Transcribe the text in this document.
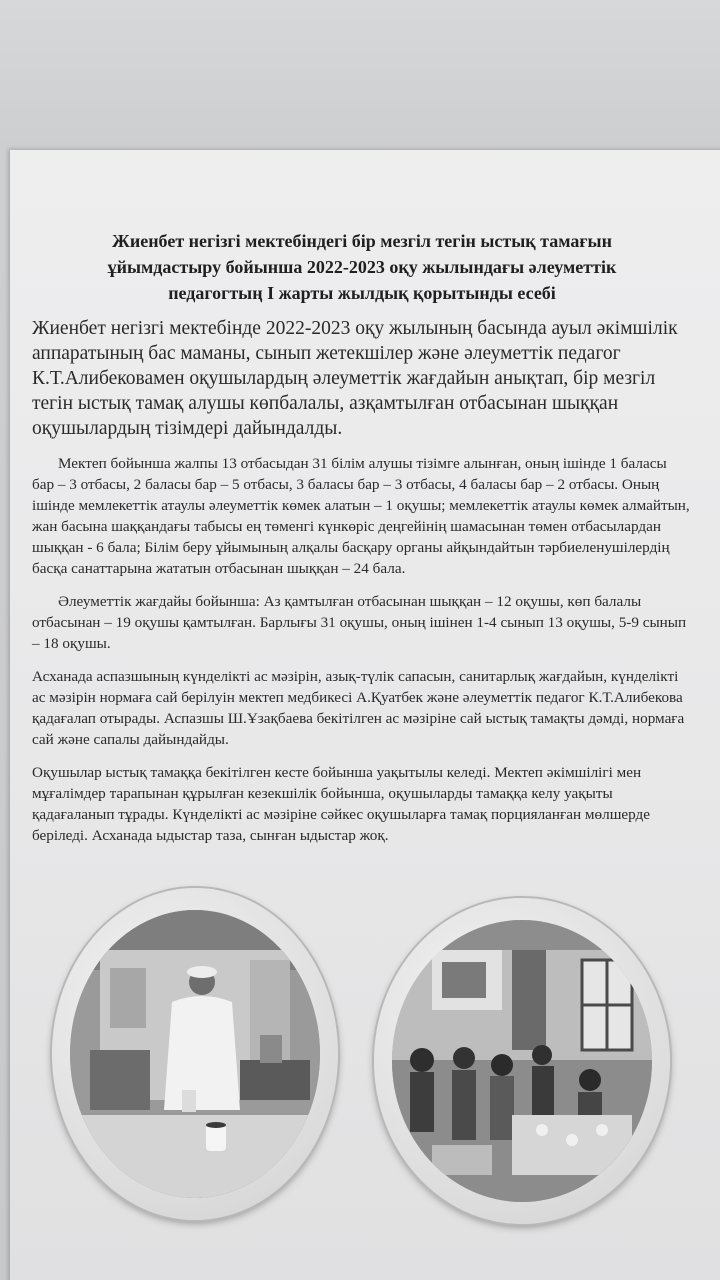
Жиенбет негізгі мектебіндегі бір мезгіл тегін ыстық тамағын ұйымдастыру бойынша 2022-2023 оқу жылындағы әлеуметтік педагогтың I жарты жылдық қорытынды есебі
Жиенбет негізгі мектебінде 2022-2023 оқу жылының басында ауыл әкімшілік аппаратының бас маманы, сынып жетекшілер және әлеуметтік педагог К.Т.Алибековамен оқушылардың әлеуметтік жағдайын анықтап, бір мезгіл тегін ыстық тамақ алушы көпбалалы, азқамтылған отбасынан шыққан оқушылардың тізімдері дайындалды.
Мектеп бойынша жалпы 13 отбасыдан 31 білім алушы тізімге алынған, оның ішінде 1 баласы бар – 3 отбасы, 2 баласы бар – 5 отбасы, 3 баласы бар – 3 отбасы, 4 баласы бар – 2 отбасы. Оның ішінде мемлекеттік атаулы әлеуметтік көмек алатын – 1 оқушы; мемлекеттік атаулы көмек алмайтын, жан басына шаққандағы табысы ең төменгі күнкөріс деңгейінің шамасынан төмен отбасылардан шыққан - 6 бала; Білім беру ұйымының алқалы басқару органы айқындайтын тәрбиеленушілердің басқа санаттарына жататын отбасынан шыққан – 24 бала.
Әлеуметтік жағдайы бойынша: Аз қамтылған отбасынан шыққан – 12 оқушы, көп балалы отбасынан – 19 оқушы қамтылған. Барлығы 31 оқушы, оның ішінен 1-4 сынып 13 оқушы, 5-9 сынып – 18 оқушы.
Асханада аспазшының күнделікті ас мәзірін, азық-түлік сапасын, санитарлық жағдайын, күнделікті ас мәзірін нормаға сай берілуін мектеп медбикесі А.Қуатбек және әлеуметтік педагог К.Т.Алибекова қадағалап отырады. Аспазшы Ш.Ұзақбаева бекітілген ас мәзіріне сай ыстық тамақты дәмді, нормаға сай және сапалы дайындайды.
Оқушылар ыстық тамаққа бекітілген кесте бойынша уақытылы келеді. Мектеп әкімшілігі мен мұғалімдер тарапынан құрылған кезекшілік бойынша, оқушыларды тамаққа келу уақыты қадағаланып тұрады. Күнделікті ас мәзіріне сәйкес оқушыларға тамақ порцияланған мөлшерде беріледі. Асханада ыдыстар таза, сынған ыдыстар жоқ.
